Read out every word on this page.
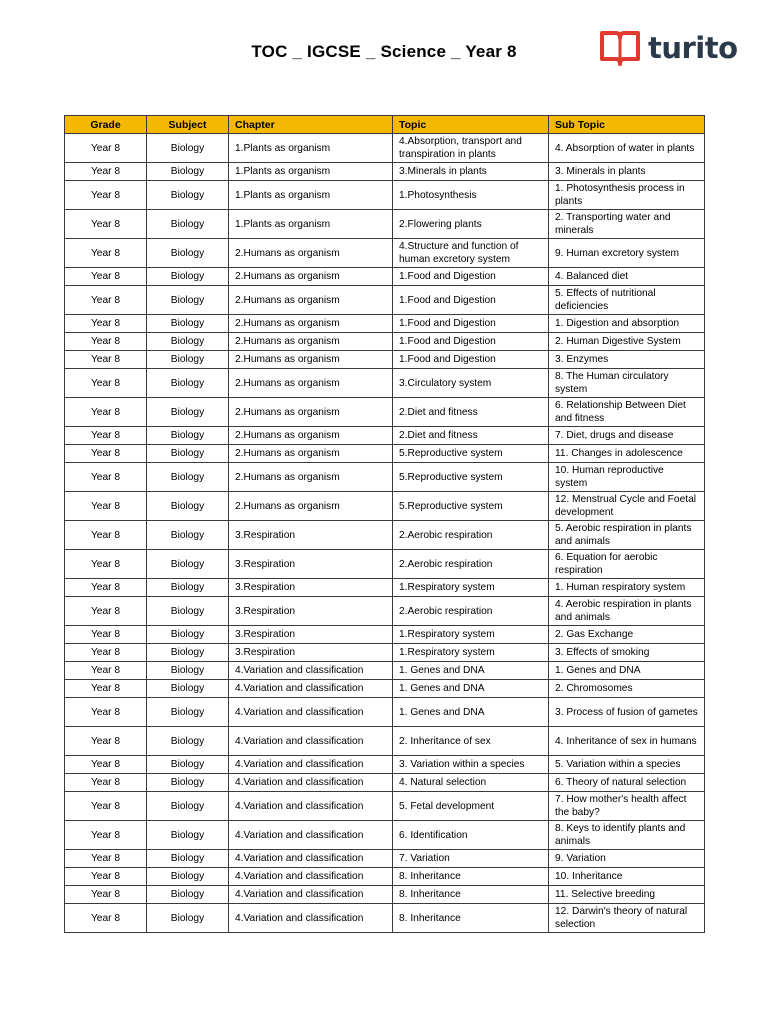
TOC _ IGCSE _ Science _ Year 8	turito
Grade	Subject	Chapter	Topic	Sub Topic
Year 8	Biology	1.Plants as organism	4.Absorption, transport and transpiration in plants	4. Absorption of water in plants
Year 8	Biology	1.Plants as organism	3.Minerals in plants	3. Minerals in plants
Year 8	Biology	1.Plants as organism	1.Photosynthesis	1. Photosynthesis process in plants
Year 8	Biology	1.Plants as organism	2.Flowering plants	2. Transporting water and minerals
Year 8	Biology	2.Humans as organism	4.Structure and function of human excretory system	9. Human excretory system
Year 8	Biology	2.Humans as organism	1.Food and Digestion	4. Balanced diet
Year 8	Biology	2.Humans as organism	1.Food and Digestion	5. Effects of nutritional deficiencies
Year 8	Biology	2.Humans as organism	1.Food and Digestion	1. Digestion and absorption
Year 8	Biology	2.Humans as organism	1.Food and Digestion	2. Human Digestive System
Year 8	Biology	2.Humans as organism	1.Food and Digestion	3. Enzymes
Year 8	Biology	2.Humans as organism	3.Circulatory system	8. The Human circulatory system
Year 8	Biology	2.Humans as organism	2.Diet and fitness	6. Relationship Between Diet and fitness
Year 8	Biology	2.Humans as organism	2.Diet and fitness	7. Diet, drugs and disease
Year 8	Biology	2.Humans as organism	5.Reproductive system	11. Changes in adolescence
Year 8	Biology	2.Humans as organism	5.Reproductive system	10. Human reproductive system
Year 8	Biology	2.Humans as organism	5.Reproductive system	12. Menstrual Cycle and Foetal development
Year 8	Biology	3.Respiration	2.Aerobic respiration	5. Aerobic respiration in plants and animals
Year 8	Biology	3.Respiration	2.Aerobic respiration	6. Equation for aerobic respiration
Year 8	Biology	3.Respiration	1.Respiratory system	1. Human respiratory system
Year 8	Biology	3.Respiration	2.Aerobic respiration	4. Aerobic respiration in plants and animals
Year 8	Biology	3.Respiration	1.Respiratory system	2. Gas Exchange
Year 8	Biology	3.Respiration	1.Respiratory system	3. Effects of smoking
Year 8	Biology	4.Variation and classification	1. Genes and DNA	1. Genes and DNA
Year 8	Biology	4.Variation and classification	1. Genes and DNA	2. Chromosomes
Year 8	Biology	4.Variation and classification	1. Genes and DNA	3. Process of fusion of gametes
Year 8	Biology	4.Variation and classification	2. Inheritance of sex	4. Inheritance of sex in humans
Year 8	Biology	4.Variation and classification	3. Variation within a species	5. Variation within a species
Year 8	Biology	4.Variation and classification	4. Natural selection	6. Theory of natural selection
Year 8	Biology	4.Variation and classification	5. Fetal development	7. How mother's health affect the baby?
Year 8	Biology	4.Variation and classification	6. Identification	8. Keys to identify plants and animals
Year 8	Biology	4.Variation and classification	7. Variation	9. Variation
Year 8	Biology	4.Variation and classification	8. Inheritance	10. Inheritance
Year 8	Biology	4.Variation and classification	8. Inheritance	11. Selective breeding
Year 8	Biology	4.Variation and classification	8. Inheritance	12. Darwin's theory of natural selection
